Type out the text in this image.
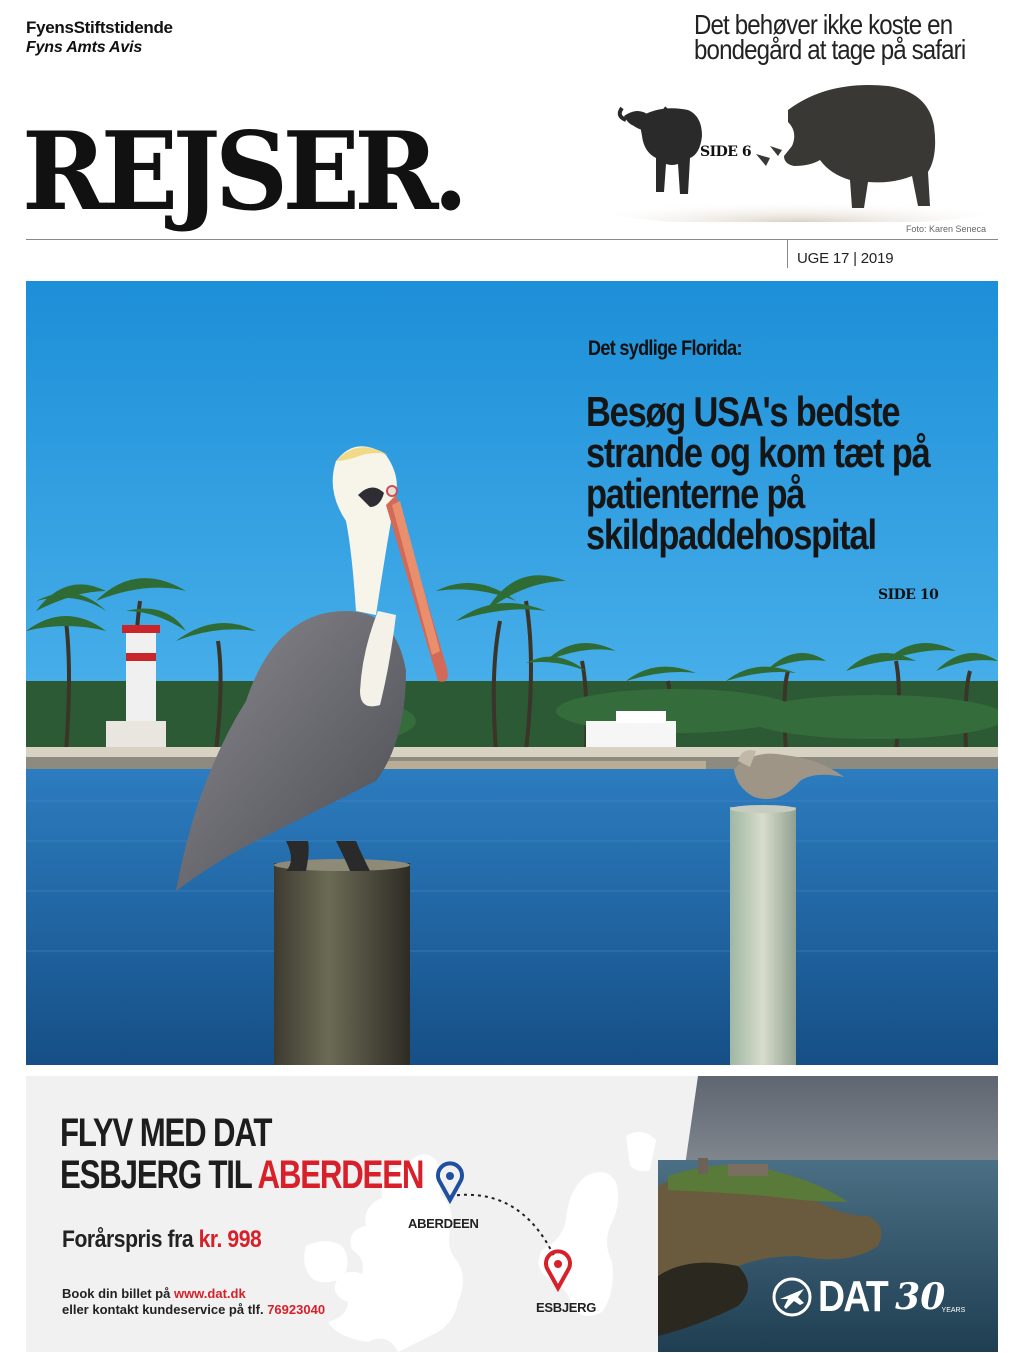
FyensStiftstidende
Fyns Amts Avis
REJSER.
Det behøver ikke koste en bondegård at tage på safari
SIDE 6
Foto: Karen Seneca
UGE 17 | 2019
Det sydlige Florida:
Besøg USA's bedste strande og kom tæt på patienterne på skildpaddehospital
SIDE 10
FLYV MED DAT
ESBJERG TIL ABERDEEN
Forårspris fra kr. 998
Book din billet på www.dat.dk
eller kontakt kundeservice på tlf. 76923040
ABERDEEN
ESBJERG	DAT 30
YEARS
